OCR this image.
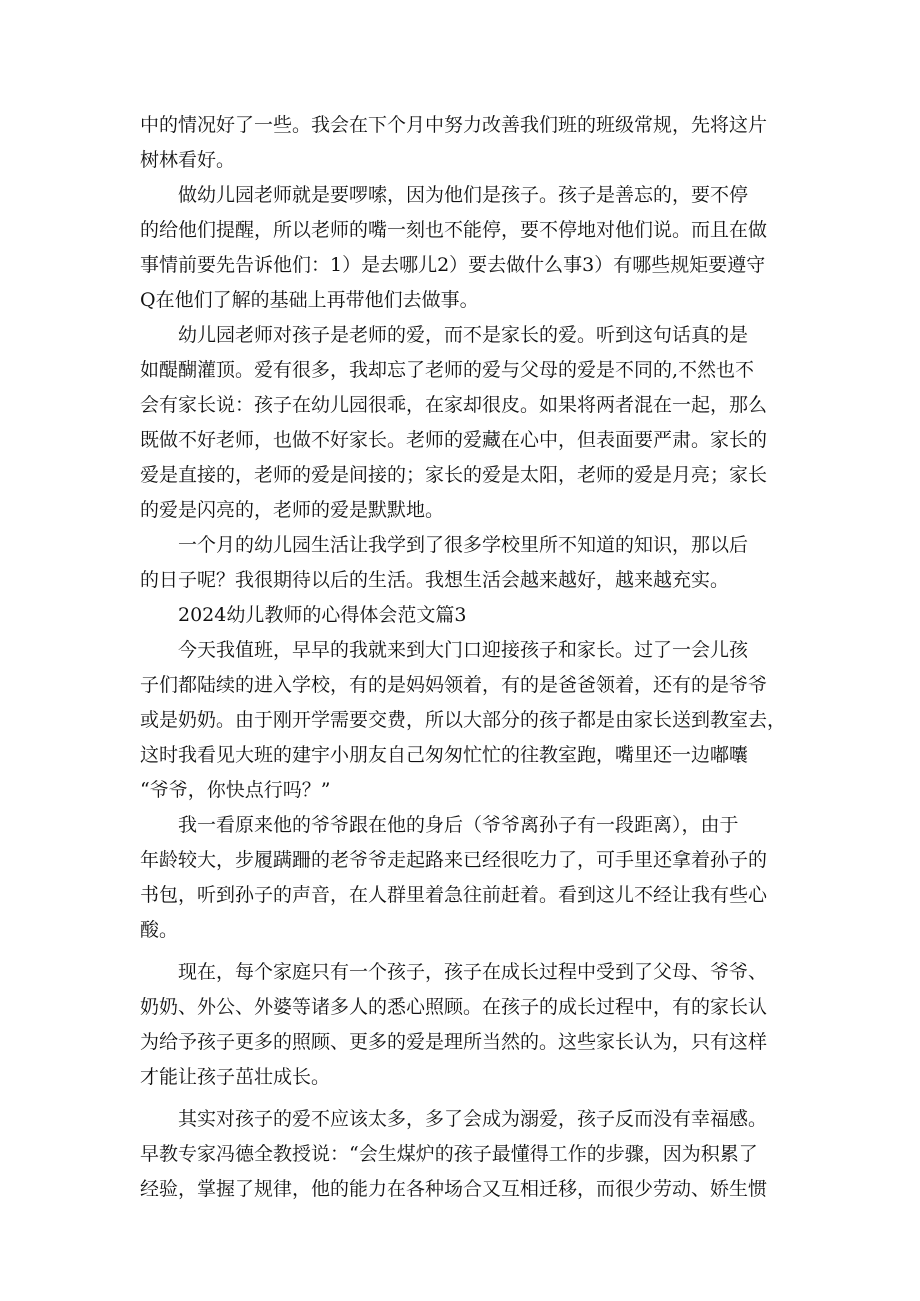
中的情况好了一些。我会在下个月中努力改善我们班的班级常规，先将这片
树林看好。
做幼儿园老师就是要啰嗦，因为他们是孩子。孩子是善忘的，要不停
的给他们提醒，所以老师的嘴一刻也不能停，要不停地对他们说。而且在做
事情前要先告诉他们：1）是去哪儿2）要去做什么事3）有哪些规矩要遵守
Q在他们了解的基础上再带他们去做事。
幼儿园老师对孩子是老师的爱，而不是家长的爱。听到这句话真的是
如醍醐灌顶。爱有很多，我却忘了老师的爱与父母的爱是不同的,不然也不
会有家长说：孩子在幼儿园很乖，在家却很皮。如果将两者混在一起，那么
既做不好老师，也做不好家长。老师的爱藏在心中，但表面要严肃。家长的
爱是直接的，老师的爱是间接的；家长的爱是太阳，老师的爱是月亮；家长
的爱是闪亮的，老师的爱是默默地。
一个月的幼儿园生活让我学到了很多学校里所不知道的知识，那以后
的日子呢？我很期待以后的生活。我想生活会越来越好，越来越充实。
2024幼儿教师的心得体会范文篇3
今天我值班，早早的我就来到大门口迎接孩子和家长。过了一会儿孩
子们都陆续的进入学校，有的是妈妈领着，有的是爸爸领着，还有的是爷爷
或是奶奶。由于刚开学需要交费，所以大部分的孩子都是由家长送到教室去，
这时我看见大班的建宇小朋友自己匆匆忙忙的往教室跑，嘴里还一边嘟囔
“爷爷，你快点行吗？”
我一看原来他的爷爷跟在他的身后（爷爷离孙子有一段距离），由于
年龄较大，步履蹒跚的老爷爷走起路来已经很吃力了，可手里还拿着孙子的
书包，听到孙子的声音，在人群里着急往前赶着。看到这儿不经让我有些心
酸。
现在，每个家庭只有一个孩子，孩子在成长过程中受到了父母、爷爷、
奶奶、外公、外婆等诸多人的悉心照顾。在孩子的成长过程中，有的家长认
为给予孩子更多的照顾、更多的爱是理所当然的。这些家长认为，只有这样
才能让孩子茁壮成长。
其实对孩子的爱不应该太多，多了会成为溺爱，孩子反而没有幸福感。
早教专家冯德全教授说：“会生煤炉的孩子最懂得工作的步骤，因为积累了
经验，掌握了规律，他的能力在各种场合又互相迁移，而很少劳动、娇生惯
